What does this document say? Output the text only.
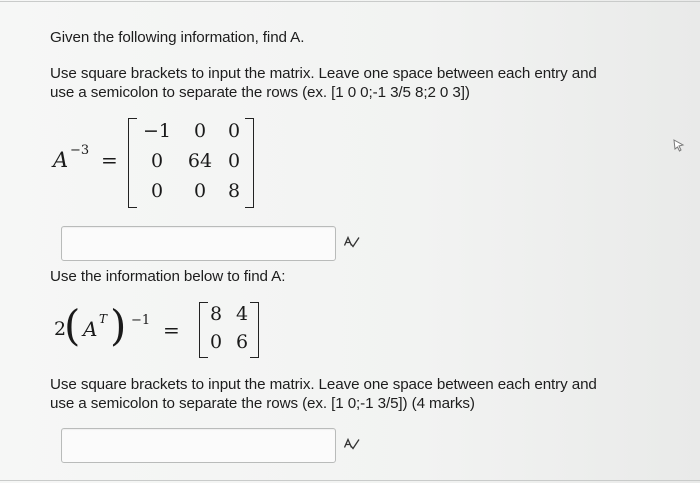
Given the following information, find A.
Use square brackets to input the matrix. Leave one space between each entry and
use a semicolon to separate the rows (ex. [1 0 0;-1 3/5 8;2 0 3])
A −3 =
−1	0	0
0	64 0
0	0	8
Use the information below to find A:
2
( A T ) −1 =
8 4
0 6
Use square brackets to input the matrix. Leave one space between each entry and
use a semicolon to separate the rows (ex. [1 0;-1 3/5]) (4 marks)
